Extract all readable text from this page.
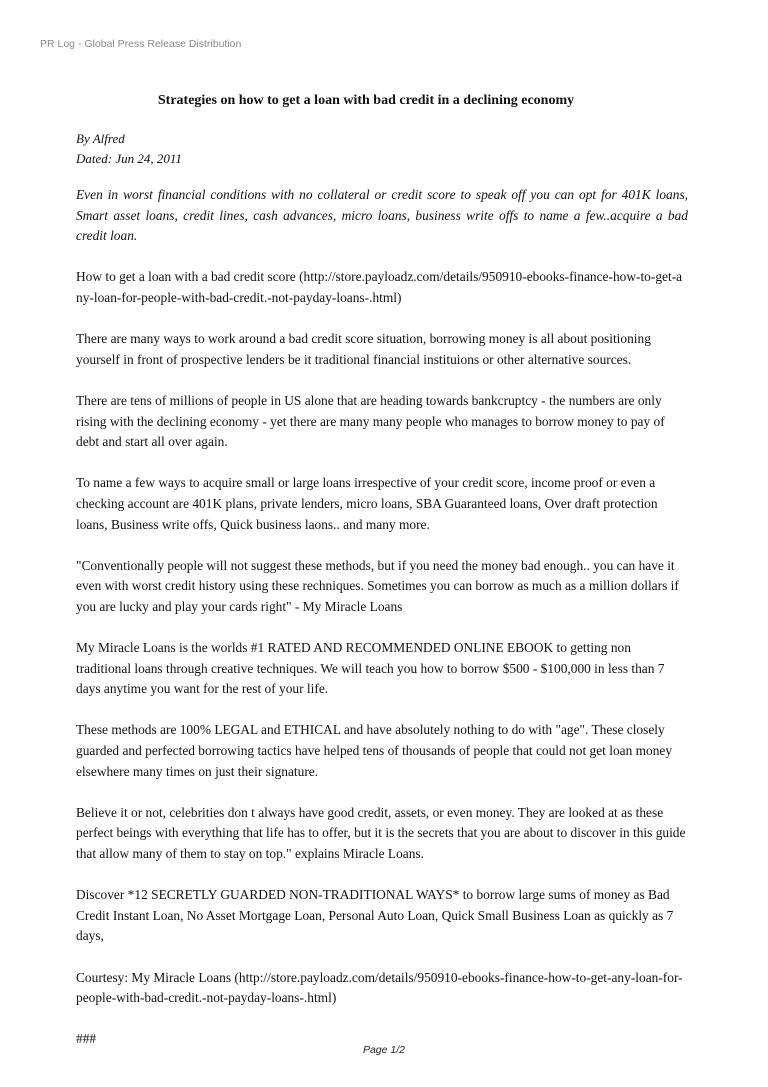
PR Log - Global Press Release Distribution
Strategies on how to get a loan with bad credit in a declining economy
By Alfred
Dated: Jun 24, 2011

Even in worst financial conditions with no collateral or credit score to speak off you can opt for 401K loans, Smart asset loans, credit lines, cash advances, micro loans, business write offs to name a few..acquire a bad credit loan.

How to get a loan with a bad credit score (http://store.payloadz.com/details/950910-ebooks-finance-how-to-get-any-loan-for-people-with-bad-credit.-not-payday-loans-.html)

There are many ways to work around a bad credit score situation, borrowing money is all about positioning yourself in front of prospective lenders be it traditional financial instituions or other alternative sources.

There are tens of millions of people in US alone that are heading towards bankcruptcy - the numbers are only rising with the declining economy - yet there are many many people who manages to borrow money to pay of debt and start all over again.

To name a few ways to acquire small or large loans irrespective of your credit score, income proof or even a checking account are 401K plans, private lenders, micro loans, SBA Guaranteed loans, Over draft protection loans, Business write offs, Quick business laons.. and many more.

"Conventionally people will not suggest these methods, but if you need the money bad enough.. you can have it even with worst credit history using these rechniques. Sometimes you can borrow as much as a million dollars if you are lucky and play your cards right" - My Miracle Loans

My Miracle Loans is the worlds #1 RATED AND RECOMMENDED ONLINE EBOOK to getting non traditional loans through creative techniques. We will teach you how to borrow $500 - $100,000 in less than 7 days anytime you want for the rest of your life.

These methods are 100% LEGAL and ETHICAL and have absolutely nothing to do with "age". These closely guarded and perfected borrowing tactics have helped tens of thousands of people that could not get loan money elsewhere many times on just their signature.

Believe it or not, celebrities don t always have good credit, assets, or even money. They are looked at as these perfect beings with everything that life has to offer, but it is the secrets that you are about to discover in this guide that allow many of them to stay on top." explains Miracle Loans.

Discover *12 SECRETLY GUARDED NON-TRADITIONAL WAYS* to borrow large sums of money as Bad Credit Instant Loan, No Asset Mortgage Loan, Personal Auto Loan, Quick Small Business Loan as quickly as 7 days,

Courtesy: My Miracle Loans (http://store.payloadz.com/details/950910-ebooks-finance-how-to-get-any-loan-for-people-with-bad-credit.-not-payday-loans-.html)

###

Page 1/2
